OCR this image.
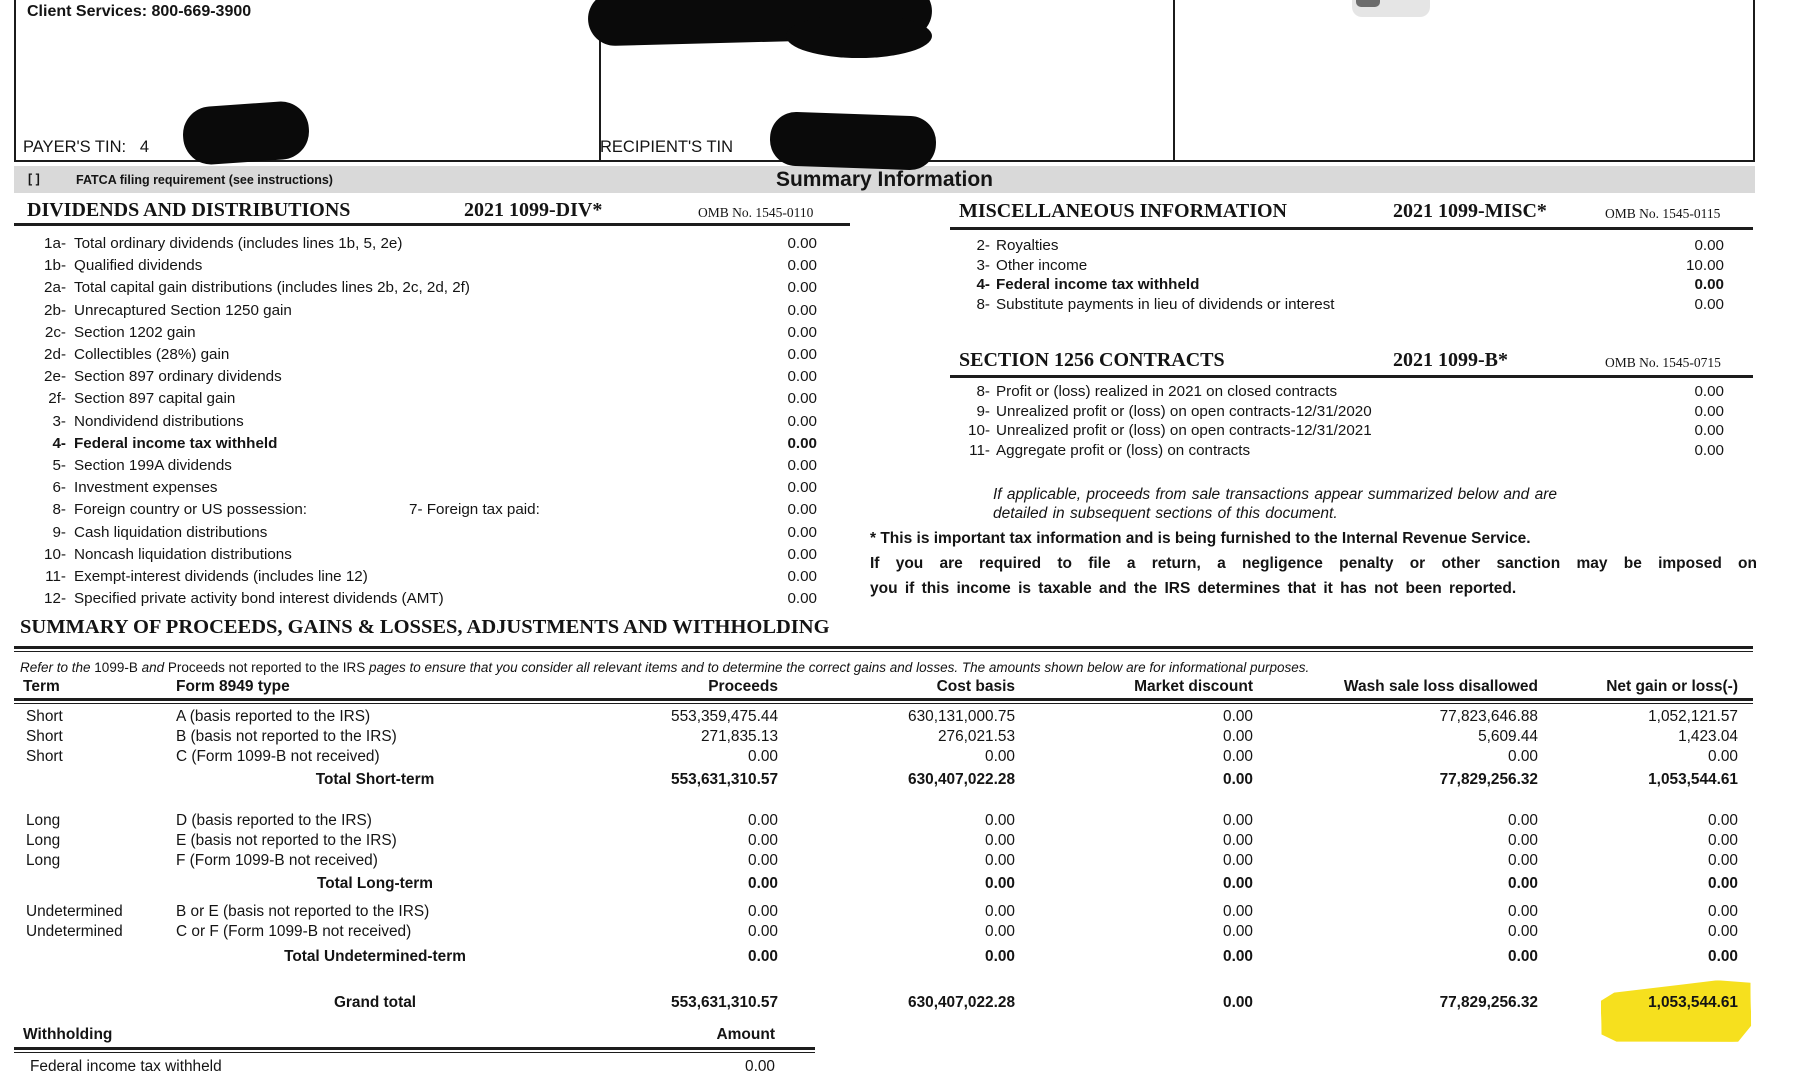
Client Services: 800-669-3900
PAYER'S TIN: 4	RECIPIENT'S TIN
[ ]	FATCA filing requirement (see instructions)	Summary Information
DIVIDENDS AND DISTRIBUTIONS	2021 1099-DIV*	OMB No. 1545-0110
1a- Total ordinary dividends (includes lines 1b, 5, 2e)	0.00
1b- Qualified dividends	0.00
2a- Total capital gain distributions (includes lines 2b, 2c, 2d, 2f)	0.00
2b- Unrecaptured Section 1250 gain	0.00
2c- Section 1202 gain	0.00
2d- Collectibles (28%) gain	0.00
2e- Section 897 ordinary dividends	0.00
2f- Section 897 capital gain	0.00
3- Nondividend distributions	0.00
4- Federal income tax withheld	0.00
5- Section 199A dividends	0.00
6- Investment expenses	0.00
8- Foreign country or US possession:	7- Foreign tax paid:	0.00
9- Cash liquidation distributions	0.00
10- Noncash liquidation distributions	0.00
11- Exempt-interest dividends (includes line 12)	0.00
12- Specified private activity bond interest dividends (AMT)	0.00
MISCELLANEOUS INFORMATION	2021 1099-MISC*	OMB No. 1545-0115
2- Royalties	0.00
3- Other income	10.00
4- Federal income tax withheld	0.00
8- Substitute payments in lieu of dividends or interest	0.00
SECTION 1256 CONTRACTS	2021 1099-B*	OMB No. 1545-0715
8- Profit or (loss) realized in 2021 on closed contracts	0.00
9- Unrealized profit or (loss) on open contracts-12/31/2020	0.00
10- Unrealized profit or (loss) on open contracts-12/31/2021	0.00
11- Aggregate profit or (loss) on contracts	0.00
If applicable, proceeds from sale transactions appear summarized below and are
detailed in subsequent sections of this document.
* This is important tax information and is being furnished to the Internal Revenue Service.
If you are required to file a return, a negligence penalty or other sanction may be imposed on
you if this income is taxable and the IRS determines that it has not been reported.
SUMMARY OF PROCEEDS, GAINS & LOSSES, ADJUSTMENTS AND WITHHOLDING
Refer to the 1099-B and Proceeds not reported to the IRS pages to ensure that you consider all relevant items and to determine the correct gains and losses. The amounts shown below are for informational purposes.
Term	Form 8949 type	Proceeds	Cost basis	Market discount	Wash sale loss disallowed	Net gain or loss(-)
Short	A (basis reported to the IRS)	553,359,475.44	630,131,000.75	0.00	77,823,646.88	1,052,121.57
Short	B (basis not reported to the IRS)	271,835.13	276,021.53	0.00	5,609.44	1,423.04
Short	C (Form 1099-B not received)	0.00	0.00	0.00	0.00	0.00
Total Short-term	553,631,310.57	630,407,022.28	0.00	77,829,256.32	1,053,544.61
Long	D (basis reported to the IRS)	0.00	0.00	0.00	0.00	0.00
Long	E (basis not reported to the IRS)	0.00	0.00	0.00	0.00	0.00
Long	F (Form 1099-B not received)	0.00	0.00	0.00	0.00	0.00
Total Long-term	0.00	0.00	0.00	0.00	0.00
Undetermined	B or E (basis not reported to the IRS)	0.00	0.00	0.00	0.00	0.00
Undetermined	C or F (Form 1099-B not received)	0.00	0.00	0.00	0.00	0.00
Total Undetermined-term	0.00	0.00	0.00	0.00	0.00
Grand total	553,631,310.57	630,407,022.28	0.00	77,829,256.32	1,053,544.61
Withholding	Amount
Federal income tax withheld	0.00
